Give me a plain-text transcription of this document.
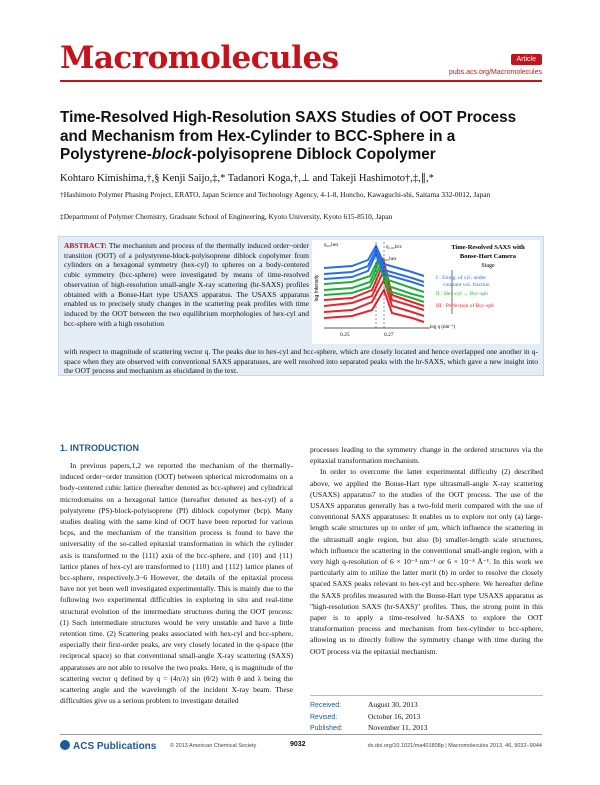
Macromolecules	Article
pubs.acs.org/Macromolecules
Time-Resolved High-Resolution SAXS Studies of OOT Process and Mechanism from Hex-Cylinder to BCC-Sphere in a Polystyrene-block-polyisoprene Diblock Copolymer
Kohtaro Kimishima,†,§ Kenji Saijo,‡,* Tadanori Koga,†,⊥ and Takeji Hashimoto†,‡,∥,*
†Hashimoto Polymer Phasing Project, ERATO, Japan Science and Technology Agency, 4-1-8, Honcho, Kawaguchi-shi, Saitama 332-0012, Japan
‡Department of Polymer Chemistry, Graduate School of Engineering, Kyoto University, Kyoto 615-8510, Japan
ABSTRACT: The mechanism and process of the thermally induced order−order transition (OOT) of a polystyrene-block-polyisoprene diblock copolymer from cylinders on a hexagonal symmetry (hex-cyl) to spheres on a body-centered cubic symmetry (bcc-sphere) were investigated by means of time-resolved observation of high-resolution small-angle X-ray scattering (hr-SAXS) profiles obtained with a Bonse-Hart type USAXS apparatus. The USAXS apparatus enabled us to precisely study changes in the scattering peak profiles with time induced by the OOT between the two equilibrium morphologies of hex-cyl and bcc-sphere with a high resolution
with respect to magnitude of scattering vector q. The peaks due to hex-cyl and bcc-sphere, which are closely located and hence overlapped one another in q-space when they are observed with conventional SAXS apparatuses, are well resolved into separated peaks with the hr-SAXS, which gave a new insight into the OOT process and mechanism as elucidated in the text.
log Intensity
q₁₀,hex	q₁₁₀,bcc
q₁₀,hex
0.25	0.27
log q (nm⁻¹)
Time-Resolved SAXS with
Bonse-Hart Camera
Stage
I : Elong. of cyl. under
constant vol. fraction
II : Hex-cyl → Bcc-sph
III : Perfection of Bcc-sph
1. INTRODUCTION

In previous papers,1,2 we reported the mechanism of the thermally-induced order−order transition (OOT) between spherical microdomains on a body-centered cubic lattice (hereafter denoted as bcc-sphere) and cylindrical microdomains on a hexagonal lattice (hereafter denoted as hex-cyl) of a polystyrene (PS)-block-polyisoprene (PI) diblock copolymer (bcp). Many studies dealing with the same kind of OOT have been reported for various bcps, and the mechanism of the transition process is found to have the universality of the so-called epitaxial transformation in which the cylinder axis is transformed to the ⟨111⟩ axis of the bcc-sphere, and {10} and {11} lattice planes of hex-cyl are transformed to {110} and {112} lattice planes of bcc-sphere, respectively.3−6 However, the details of the epitaxial process have not yet been well investigated experimentally. This is mainly due to the following two experimental difficulties in exploring in situ and real-time structural evolution of the intermediate structures during the OOT process: (1) Such intermediate structures would be very unstable and have a little retention time. (2) Scattering peaks associated with hex-cyl and bcc-sphere, especially their first-order peaks, are very closely located in the q-space (the reciprocal space) so that conventional small-angle X-ray scattering (SAXS) apparatuses are not able to resolve the two peaks. Here, q is magnitude of the scattering vector q defined by q = (4π/λ) sin (θ/2) with θ and λ being the scattering angle and the wavelength of the incident X-ray beam. These difficulties give us a serious problem to investigate detailed

processes leading to the symmetry change in the ordered structures via the epitaxial transformation mechanism.

In order to overcome the latter experimental difficulty (2) described above, we applied the Bonse-Hart type ultrasmall-angle X-ray scattering (USAXS) apparatus7 to the studies of the OOT process. The use of the USAXS apparatus generally has a two-fold merit compared with the use of conventional SAXS apparatuses: It enables us to explore not only (a) large-length scale structures up to order of μm, which influence the scattering in the ultrasmall angle region, but also (b) smaller-length scale structures, which influence the scattering in the conventional small-angle region, with a very high q-resolution of 6 × 10⁻³ nm⁻¹ or 6 × 10⁻⁴ Å⁻¹. In this work we particularly aim to utilize the latter merit (b) in order to resolve the closely spaced SAXS peaks relevant to hex-cyl and bcc-sphere. We hereafter define the SAXS profiles measured with the Bonse-Hart type USAXS apparatus as "high-resolution SAXS (hr-SAXS)" profiles. Thus, the strong point in this paper is to apply a time-resolved hr-SAXS to explore the OOT transformation process and mechanism from hex-cylinder to bcc-sphere, allowing us to directly follow the symmetry change with time during the OOT process via the epitaxial mechanism.

Received:	August 30, 2013
Revised:	October 16, 2013
Published:	November 11, 2013
ACS Publications © 2013 American Chemical Society	9032	dx.doi.org/10.1021/ma401808p | Macromolecules 2013, 46, 9032−9044
